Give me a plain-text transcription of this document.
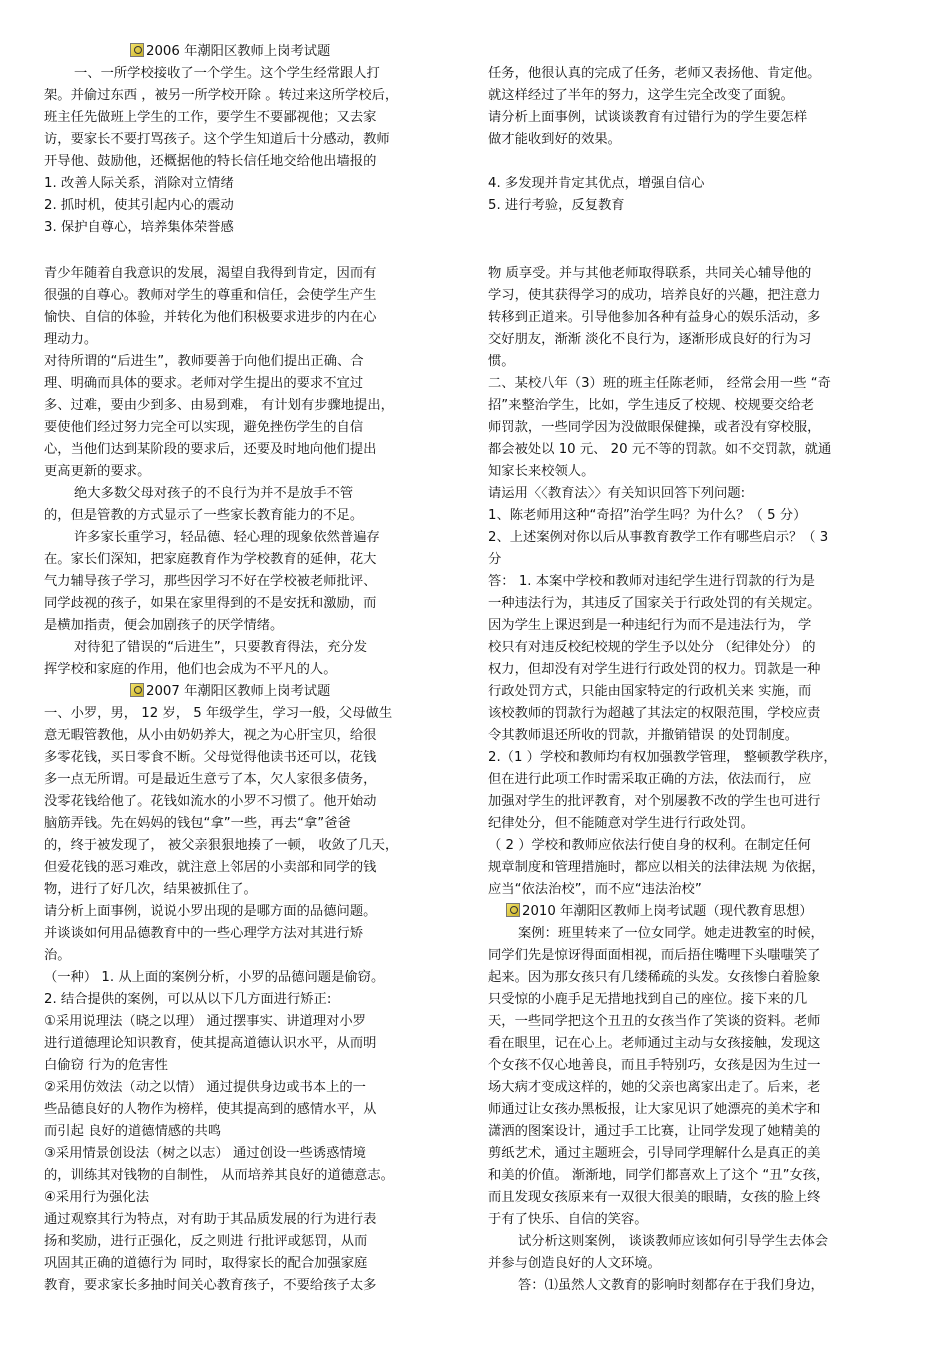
2006 年潮阳区教师上岗考试题
一、一所学校接收了一个学生。这个学生经常跟人打
架。并偷过东西 ，被另一所学校开除 。转过来这所学校后，
班主任先做班上学生的工作，要学生不要鄙视他；又去家
访，要家长不要打骂孩子。这个学生知道后十分感动，教师
开导他、鼓励他，还概据他的特长信任地交给他出墙报的
1. 改善人际关系，消除对立情绪
2. 抓时机，使其引起内心的震动
3. 保护自尊心，培养集体荣誉感
青少年随着自我意识的发展，渴望自我得到肯定，因而有
很强的自尊心。教师对学生的尊重和信任，会使学生产生
愉快、自信的体验，并转化为他们积极要求进步的内在心
理动力。
对待所谓的“后进生”，教师要善于向他们提出正确、合
理、明确而具体的要求。老师对学生提出的要求不宜过
多、过难，要由少到多、由易到难， 有计划有步骤地提出，
要使他们经过努力完全可以实现，避免挫伤学生的自信
心，当他们达到某阶段的要求后，还要及时地向他们提出
更高更新的要求。
绝大多数父母对孩子的不良行为并不是放手不管
的，但是管教的方式显示了一些家长教育能力的不足。
许多家长重学习，轻品德、轻心理的现象依然普遍存
在。家长们深知，把家庭教育作为学校教育的延伸，花大
气力辅导孩子学习，那些因学习不好在学校被老师批评、
同学歧视的孩子，如果在家里得到的不是安抚和激励，而
是横加指责，便会加剧孩子的厌学情绪。
对待犯了错误的“后进生”，只要教育得法，充分发
挥学校和家庭的作用，他们也会成为不平凡的人。
2007 年潮阳区教师上岗考试题
一、小罗，男， 12 岁， 5 年级学生，学习一般，父母做生
意无暇管教他，从小由奶奶养大，视之为心肝宝贝，给很
多零花钱，买日零食不断。父母觉得他读书还可以，花钱
多一点无所谓。可是最近生意亏了本，欠人家很多债务，
没零花钱给他了。花钱如流水的小罗不习惯了。他开始动
脑筋弄钱。先在妈妈的钱包“拿”一些，再去“拿”爸爸
的，终于被发现了， 被父亲狠狠地揍了一顿， 收敛了几天，
但爱花钱的恶习难改，就注意上邻居的小卖部和同学的钱
物，进行了好几次，结果被抓住了。
请分析上面事例，说说小罗出现的是哪方面的品德问题。
并谈谈如何用品德教育中的一些心理学方法对其进行矫
治。
（一种） 1. 从上面的案例分析，小罗的品德问题是偷窃。
2. 结合提供的案例，可以从以下几方面进行矫正:
①采用说理法（晓之以理） 通过摆事实、讲道理对小罗
进行道德理论知识教育，使其提高道德认识水平，从而明
白偷窃 行为的危害性
②采用仿效法（动之以情） 通过提供身边或书本上的一
些品德良好的人物作为榜样，使其提高到的感情水平，从
而引起 良好的道德情感的共鸣
③采用情景创设法（树之以志） 通过创设一些诱惑情境
的，训练其对钱物的自制性， 从而培养其良好的道德意志。
④采用行为强化法
通过观察其行为特点，对有助于其品质发展的行为进行表
扬和奖励，进行正强化，反之则进 行批评或惩罚，从而
巩固其正确的道德行为 同时，取得家长的配合加强家庭
教育，要求家长多抽时间关心教育孩子，不要给孩子太多
任务，他很认真的完成了任务，老师又表扬他、肯定他。
就这样经过了半年的努力，这学生完全改变了面貌。
请分析上面事例，试谈谈教育有过错行为的学生要怎样
做才能收到好的效果。
4. 多发现并肯定其优点，增强自信心
5. 进行考验，反复教育
物 质享受。并与其他老师取得联系，共同关心辅导他的
学习，使其获得学习的成功，培养良好的兴趣，把注意力
转移到正道来。引导他参加各种有益身心的娱乐活动，多
交好朋友，渐渐 淡化不良行为，逐渐形成良好的行为习
惯。
二、某校八年（3）班的班主任陈老师， 经常会用一些 “奇
招”来整治学生，比如，学生违反了校规、校规要交给老
师罚款，一些同学因为没做眼保健操，或者没有穿校服，
都会被处以 10 元、 20 元不等的罚款。如不交罚款，就通
知家长来校领人。
请运用〈〈教育法〉〉有关知识回答下列问题:
1、陈老师用这种“奇招”治学生吗？为什么？（ 5 分）
2、上述案例对你以后从事教育教学工作有哪些启示？（ 3
分
答： 1. 本案中学校和教师对违纪学生进行罚款的行为是
一种违法行为，其违反了国家关于行政处罚的有关规定。
因为学生上课迟到是一种违纪行为而不是违法行为， 学
校只有对违反校纪校规的学生予以处分 （纪律处分） 的
权力，但却没有对学生进行行政处罚的权力。罚款是一种
行政处罚方式，只能由国家特定的行政机关来 实施，而
该校教师的罚款行为超越了其法定的权限范围，学校应责
令其教师退还所收的罚款，并撤销错误 的处罚制度。
2.（1 ）学校和教师均有权加强教学管理， 整顿教学秩序，
但在进行此项工作时需采取正确的方法，依法而行， 应
加强对学生的批评教育，对个别屡教不改的学生也可进行
纪律处分，但不能随意对学生进行行政处罚。
（ 2 ）学校和教师应依法行使自身的权利。在制定任何
规章制度和管理措施时，都应以相关的法律法规 为依据，
应当“依法治校”，而不应“违法治校”
2010 年潮阳区教师上岗考试题（现代教育思想）
案例：班里转来了一位女同学。她走进教室的时候，
同学们先是惊讶得面面相视，而后捂住嘴哩下头嗤嗤笑了
起来。因为那女孩只有几缕稀疏的头发。女孩惨白着脸象
只受惊的小鹿手足无措地找到自己的座位。接下来的几
天，一些同学把这个丑丑的女孩当作了笑谈的资料。老师
看在眼里，记在心上。老师通过主动与女孩接触，发现这
个女孩不仅心地善良，而且手特别巧，女孩是因为生过一
场大病才变成这样的，她的父亲也离家出走了。后来，老
师通过让女孩办黑板报，让大家见识了她漂亮的美术字和
潇洒的图案设计，通过手工比赛，让同学发现了她精美的
剪纸艺术，通过主题班会，引导同学理解什么是真正的美
和美的价值。 渐渐地，同学们都喜欢上了这个 “丑”女孩，
而且发现女孩原来有一双很大很美的眼睛，女孩的脸上终
于有了快乐、自信的笑容。
试分析这则案例， 谈谈教师应该如何引导学生去体会
并参与创造良好的人文环境。
答：⑴虽然人文教育的影响时刻都存在于我们身边，
